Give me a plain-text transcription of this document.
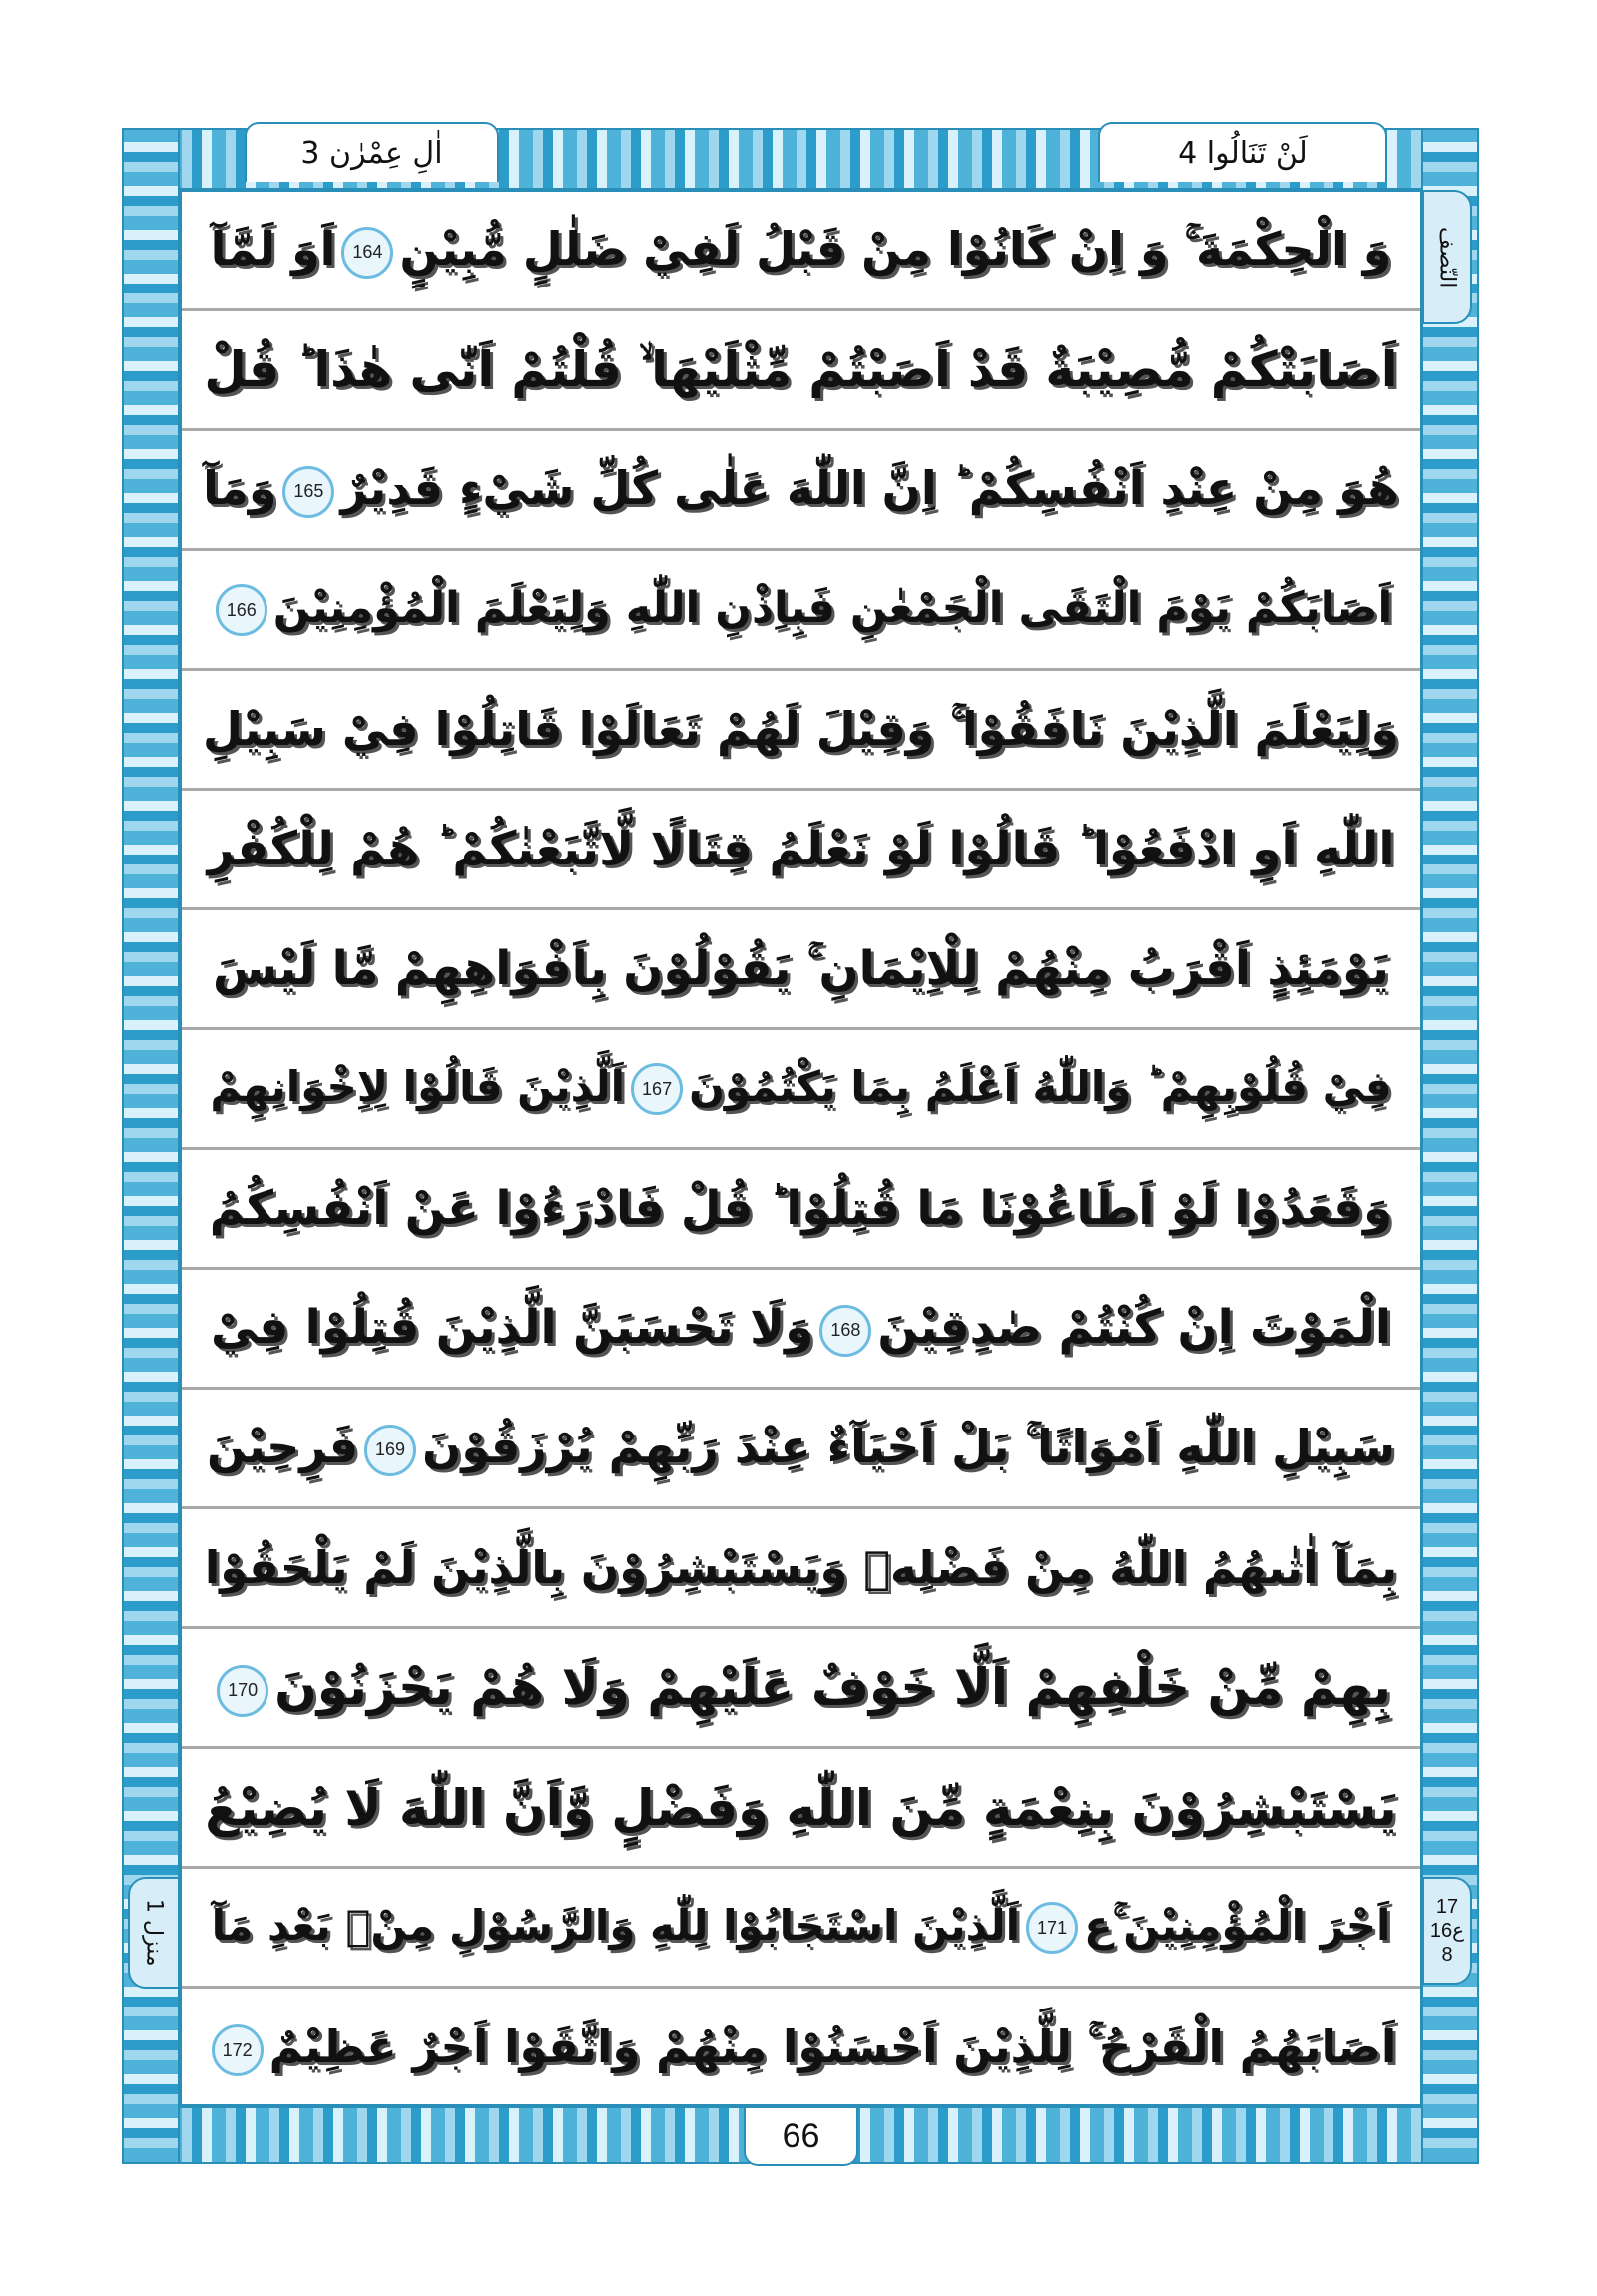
اٰلِ عِمْرٰن 3	لَنْ تَنَالُوا 4
وَ الْحِكْمَةَ ۚ وَ اِنْ كَانُوْا مِنْ قَبْلُ لَفِيْ ضَلٰلٍ مُّبِيْنٍ164اَوَ لَمَّآ
اَصَابَتْكُمْ مُّصِيْبَةٌ قَدْ اَصَبْتُمْ مِّثْلَيْهَا ۙ قُلْتُمْ اَنّٰى هٰذَا ؕ قُلْ
هُوَ مِنْ عِنْدِ اَنْفُسِكُمْ ؕ اِنَّ اللّٰهَ عَلٰى كُلِّ شَيْءٍ قَدِيْرٌ165وَمَآ
اَصَابَكُمْ يَوْمَ الْتَقَى الْجَمْعٰنِ فَبِاِذْنِ اللّٰهِ وَلِيَعْلَمَ الْمُؤْمِنِيْنَ166
وَلِيَعْلَمَ الَّذِيْنَ نَافَقُوْا ۚ وَقِيْلَ لَهُمْ تَعَالَوْا قَاتِلُوْا فِيْ سَبِيْلِ
اللّٰهِ اَوِ ادْفَعُوْا ؕ قَالُوْا لَوْ نَعْلَمُ قِتَالًا لَّاتَّبَعْنٰكُمْ ؕ هُمْ لِلْكُفْرِ
يَوْمَئِذٍ اَقْرَبُ مِنْهُمْ لِلْاِيْمَانِ ۚ يَقُوْلُوْنَ بِاَفْوَاهِهِمْ مَّا لَيْسَ
فِيْ قُلُوْبِهِمْ ؕ وَاللّٰهُ اَعْلَمُ بِمَا يَكْتُمُوْنَ167اَلَّذِيْنَ قَالُوْا لِاِخْوَانِهِمْ
وَقَعَدُوْا لَوْ اَطَاعُوْنَا مَا قُتِلُوْا ؕ قُلْ فَادْرَءُوْا عَنْ اَنْفُسِكُمُ
الْمَوْتَ اِنْ كُنْتُمْ صٰدِقِيْنَ168وَلَا تَحْسَبَنَّ الَّذِيْنَ قُتِلُوْا فِيْ
سَبِيْلِ اللّٰهِ اَمْوَاتًا ۚ بَلْ اَحْيَآءٌ عِنْدَ رَبِّهِمْ يُرْزَقُوْنَ169فَرِحِيْنَ
بِمَآ اٰتٰىهُمُ اللّٰهُ مِنْ فَضْلِهٖ وَيَسْتَبْشِرُوْنَ بِالَّذِيْنَ لَمْ يَلْحَقُوْا
بِهِمْ مِّنْ خَلْفِهِمْ اَلَّا خَوْفٌ عَلَيْهِمْ وَلَا هُمْ يَحْزَنُوْنَ170
يَسْتَبْشِرُوْنَ بِنِعْمَةٍ مِّنَ اللّٰهِ وَفَضْلٍ وَّاَنَّ اللّٰهَ لَا يُضِيْعُ
اَجْرَ الْمُؤْمِنِيْنَ ۚع171اَلَّذِيْنَ اسْتَجَابُوْا لِلّٰهِ وَالرَّسُوْلِ مِنْۢ بَعْدِ مَآ
اَصَابَهُمُ الْقَرْحُ ۚ لِلَّذِيْنَ اَحْسَنُوْا مِنْهُمْ وَاتَّقَوْا اَجْرٌ عَظِيْمٌ172
النّصف
17
ع16
8
منزل 1
66
